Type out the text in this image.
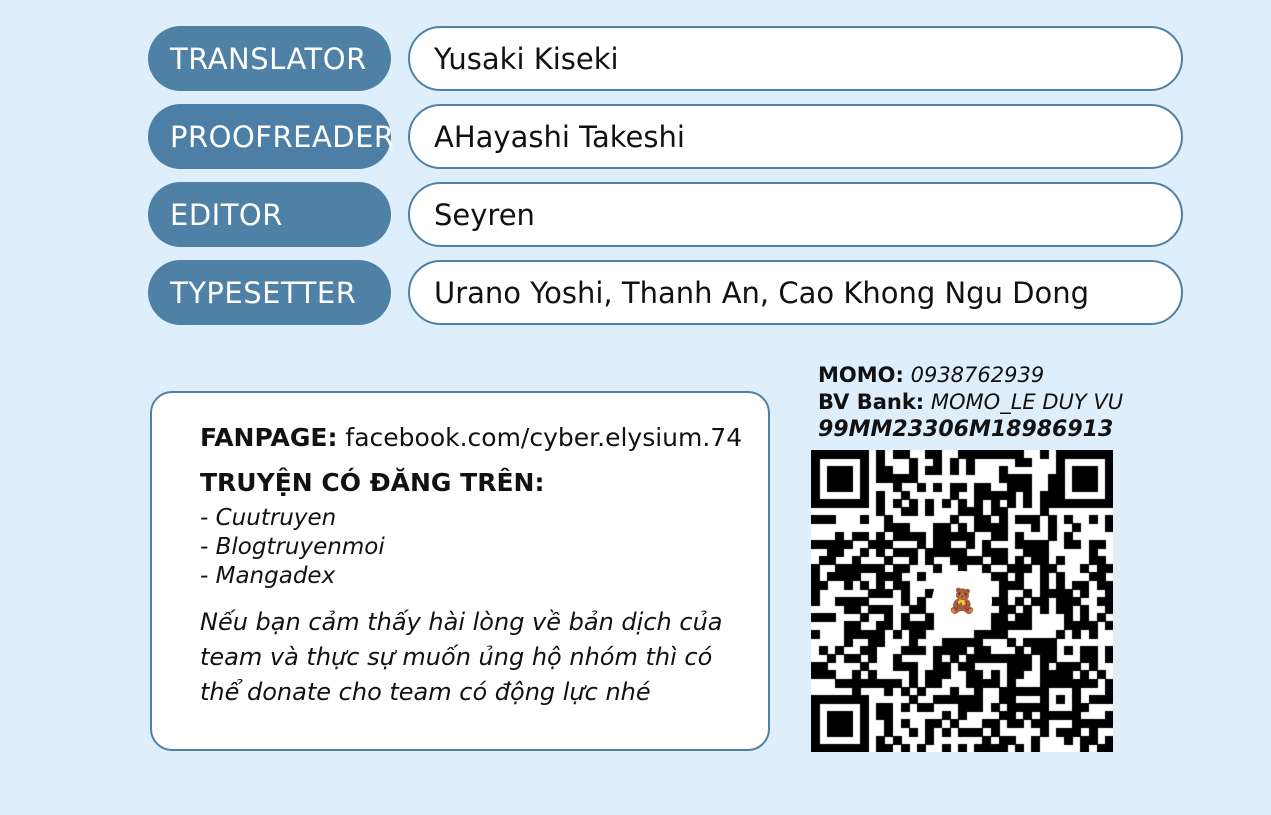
TRANSLATOR	Yusaki Kiseki
PROOFREADER	AHayashi Takeshi
EDITOR	Seyren
TYPESETTER	Urano Yoshi, Thanh An, Cao Khong Ngu Dong
FANPAGE: facebook.com/cyber.elysium.74
TRUYỆN CÓ ĐĂNG TRÊN:
- Cuutruyen
- Blogtruyenmoi
- Mangadex
Nếu bạn cảm thấy hài lòng về bản dịch của team và thực sự muốn ủng hộ nhóm thì có thể donate cho team có động lực nhé
MOMO: 0938762939
BV Bank: MOMO_LE DUY VU
99MM23306M18986913
🧸
